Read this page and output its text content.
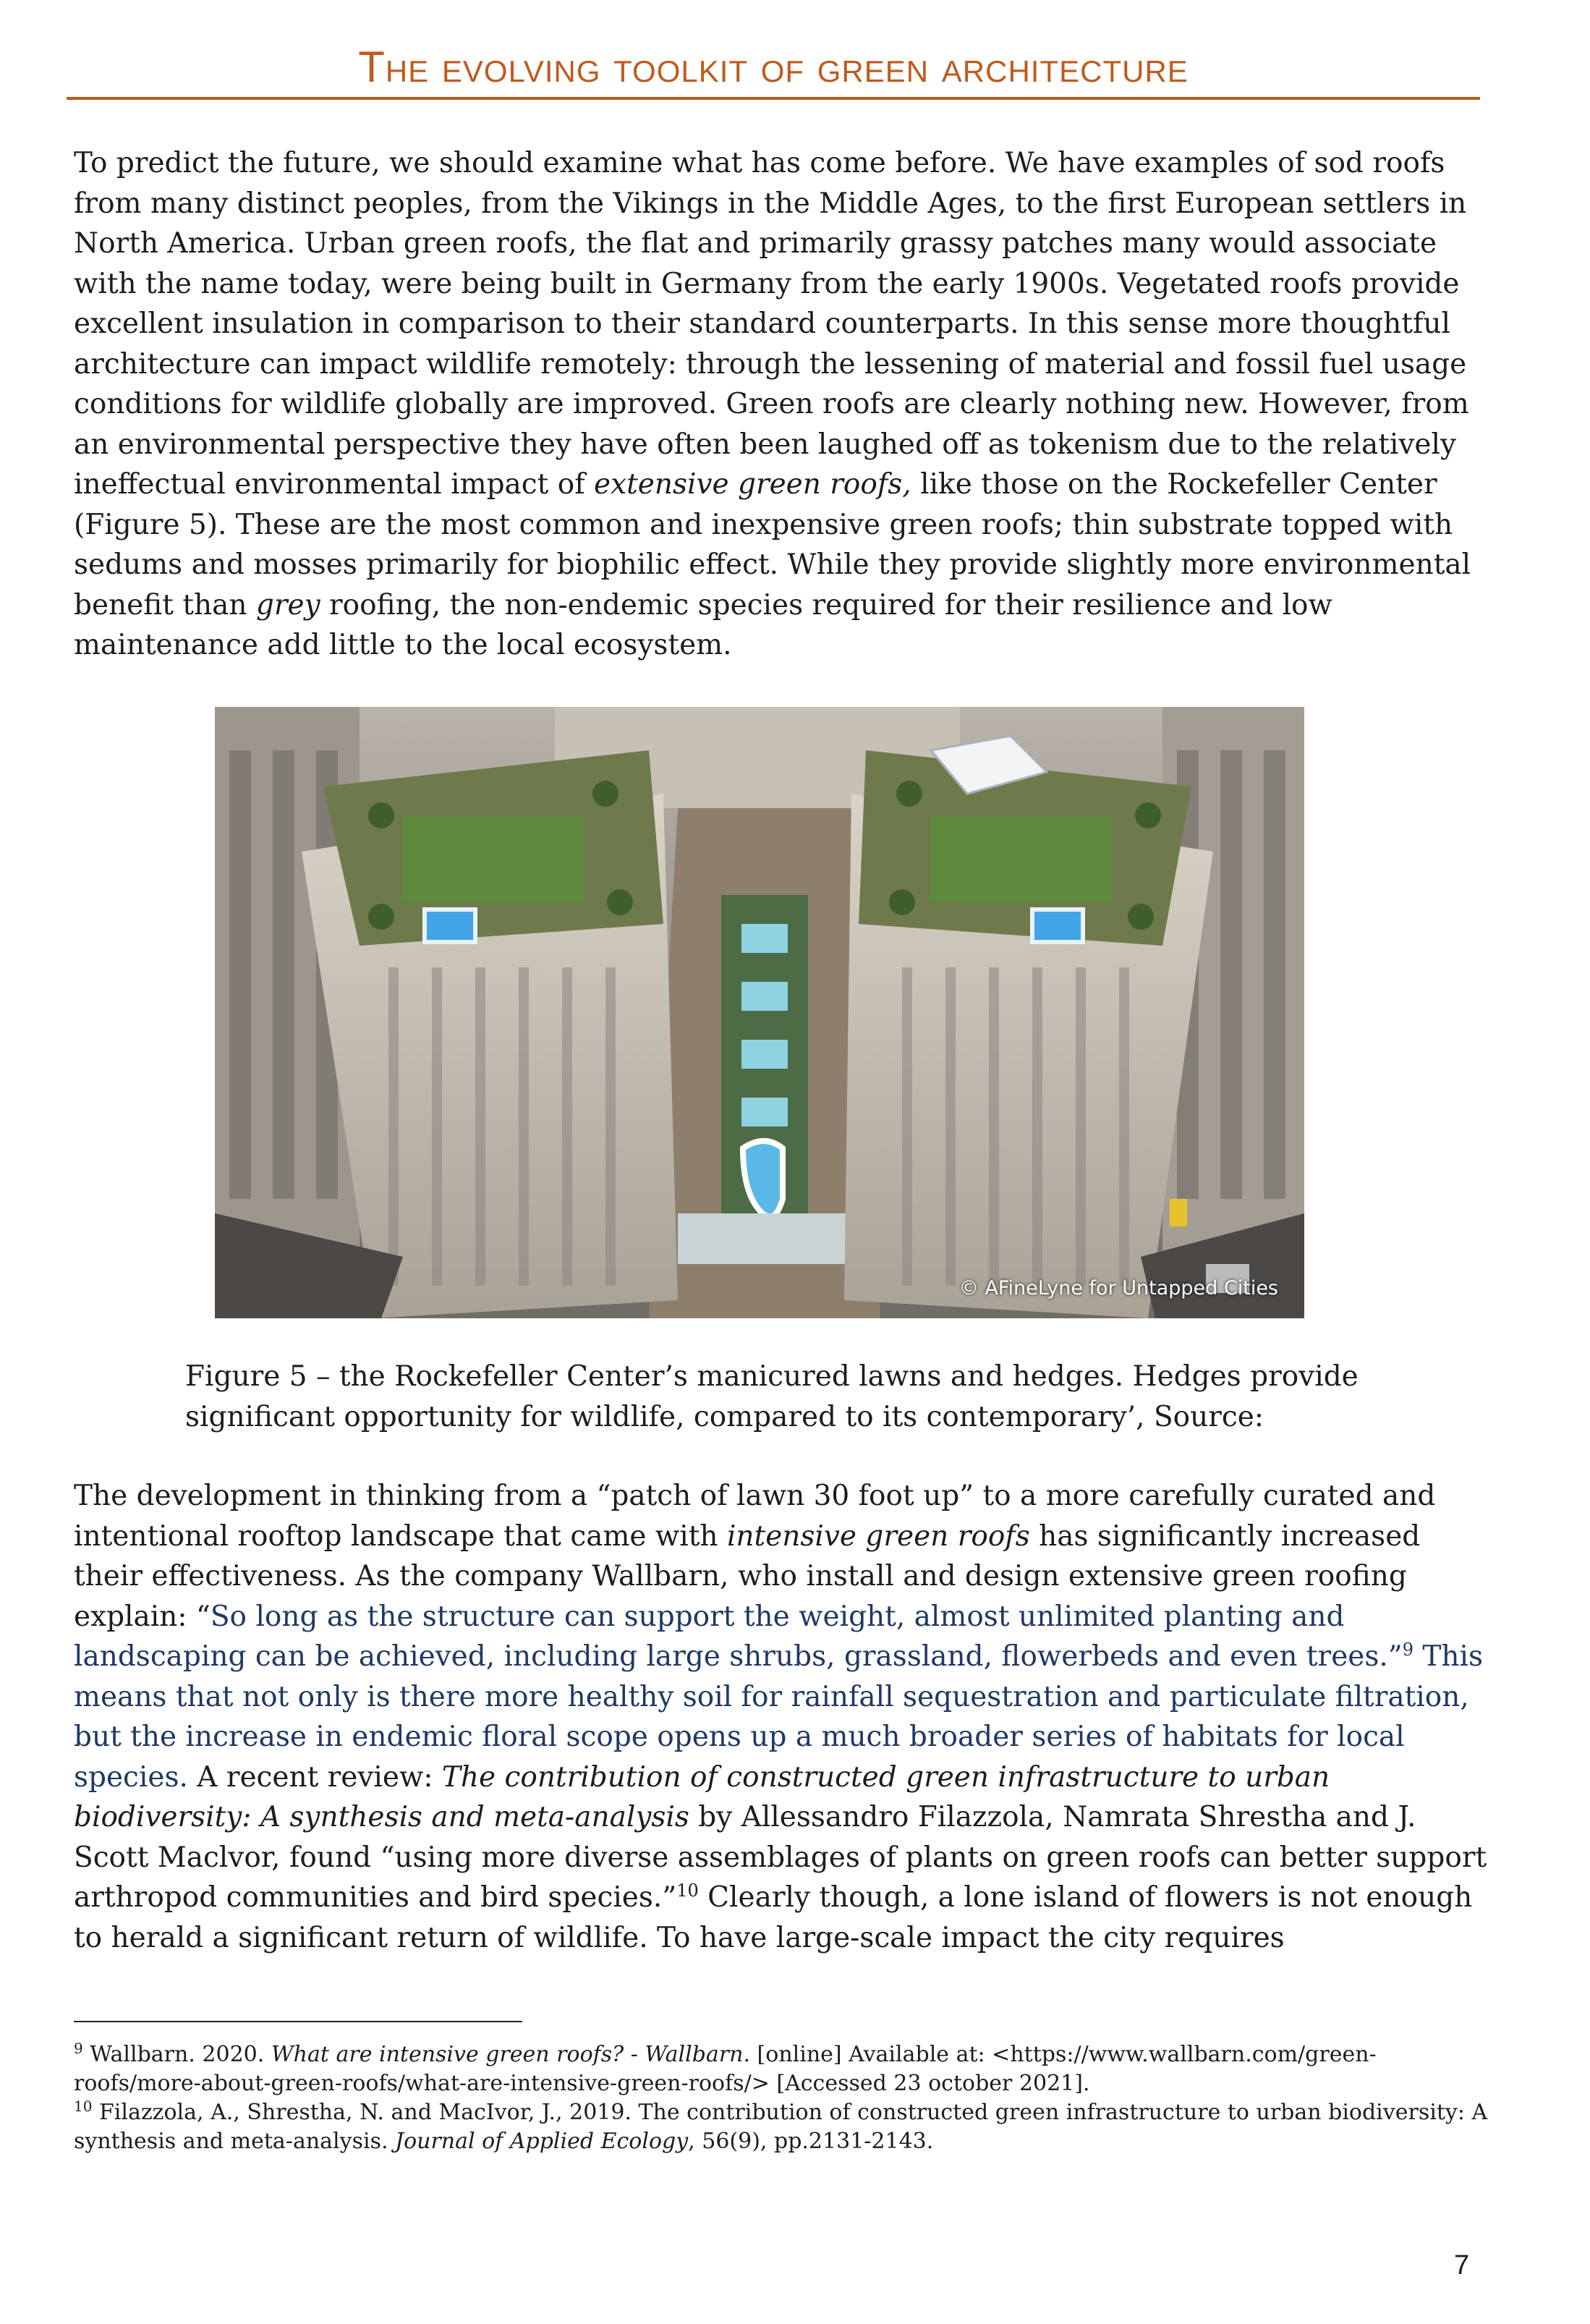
The evolving toolkit of green architecture

To predict the future, we should examine what has come before. We have examples of sod roofs from many distinct peoples, from the Vikings in the Middle Ages, to the first European settlers in North America. Urban green roofs, the flat and primarily grassy patches many would associate with the name today, were being built in Germany from the early 1900s. Vegetated roofs provide excellent insulation in comparison to their standard counterparts. In this sense more thoughtful architecture can impact wildlife remotely: through the lessening of material and fossil fuel usage conditions for wildlife globally are improved. Green roofs are clearly nothing new. However, from an environmental perspective they have often been laughed off as tokenism due to the relatively ineffectual environmental impact of extensive green roofs, like those on the Rockefeller Center (Figure 5). These are the most common and inexpensive green roofs; thin substrate topped with sedums and mosses primarily for biophilic effect. While they provide slightly more environmental benefit than grey roofing, the non-endemic species required for their resilience and low maintenance add little to the local ecosystem.

© AFineLyne for Untapped Cities

Figure 5 – the Rockefeller Center’s manicured lawns and hedges. Hedges provide significant opportunity for wildlife, compared to its contemporary’, Source:

The development in thinking from a “patch of lawn 30 foot up” to a more carefully curated and intentional rooftop landscape that came with intensive green roofs has significantly increased their effectiveness. As the company Wallbarn, who install and design extensive green roofing explain: “So long as the structure can support the weight, almost unlimited planting and landscaping can be achieved, including large shrubs, grassland, flowerbeds and even trees.”$^9$ This means that not only is there more healthy soil for rainfall sequestration and particulate filtration, but the increase in endemic floral scope opens up a much broader series of habitats for local species. A recent review: The contribution of constructed green infrastructure to urban biodiversity: A synthesis and meta-analysis by Allessandro Filazzola, Namrata Shrestha and J. Scott Maclvor, found “using more diverse assemblages of plants on green roofs can better support arthropod communities and bird species.”$^{10}$ Clearly though, a lone island of flowers is not enough to herald a significant return of wildlife. To have large-scale impact the city requires

$^9$ Wallbarn. 2020. What are intensive green roofs? - Wallbarn. [online] Available at: <https://www.wallbarn.com/green-roofs/more-about-green-roofs/what-are-intensive-green-roofs/> [Accessed 23 october 2021].

$^{10}$ Filazzola, A., Shrestha, N. and MacIvor, J., 2019. The contribution of constructed green infrastructure to urban biodiversity: A synthesis and meta-analysis. Journal of Applied Ecology, 56(9), pp.2131-2143.

7
